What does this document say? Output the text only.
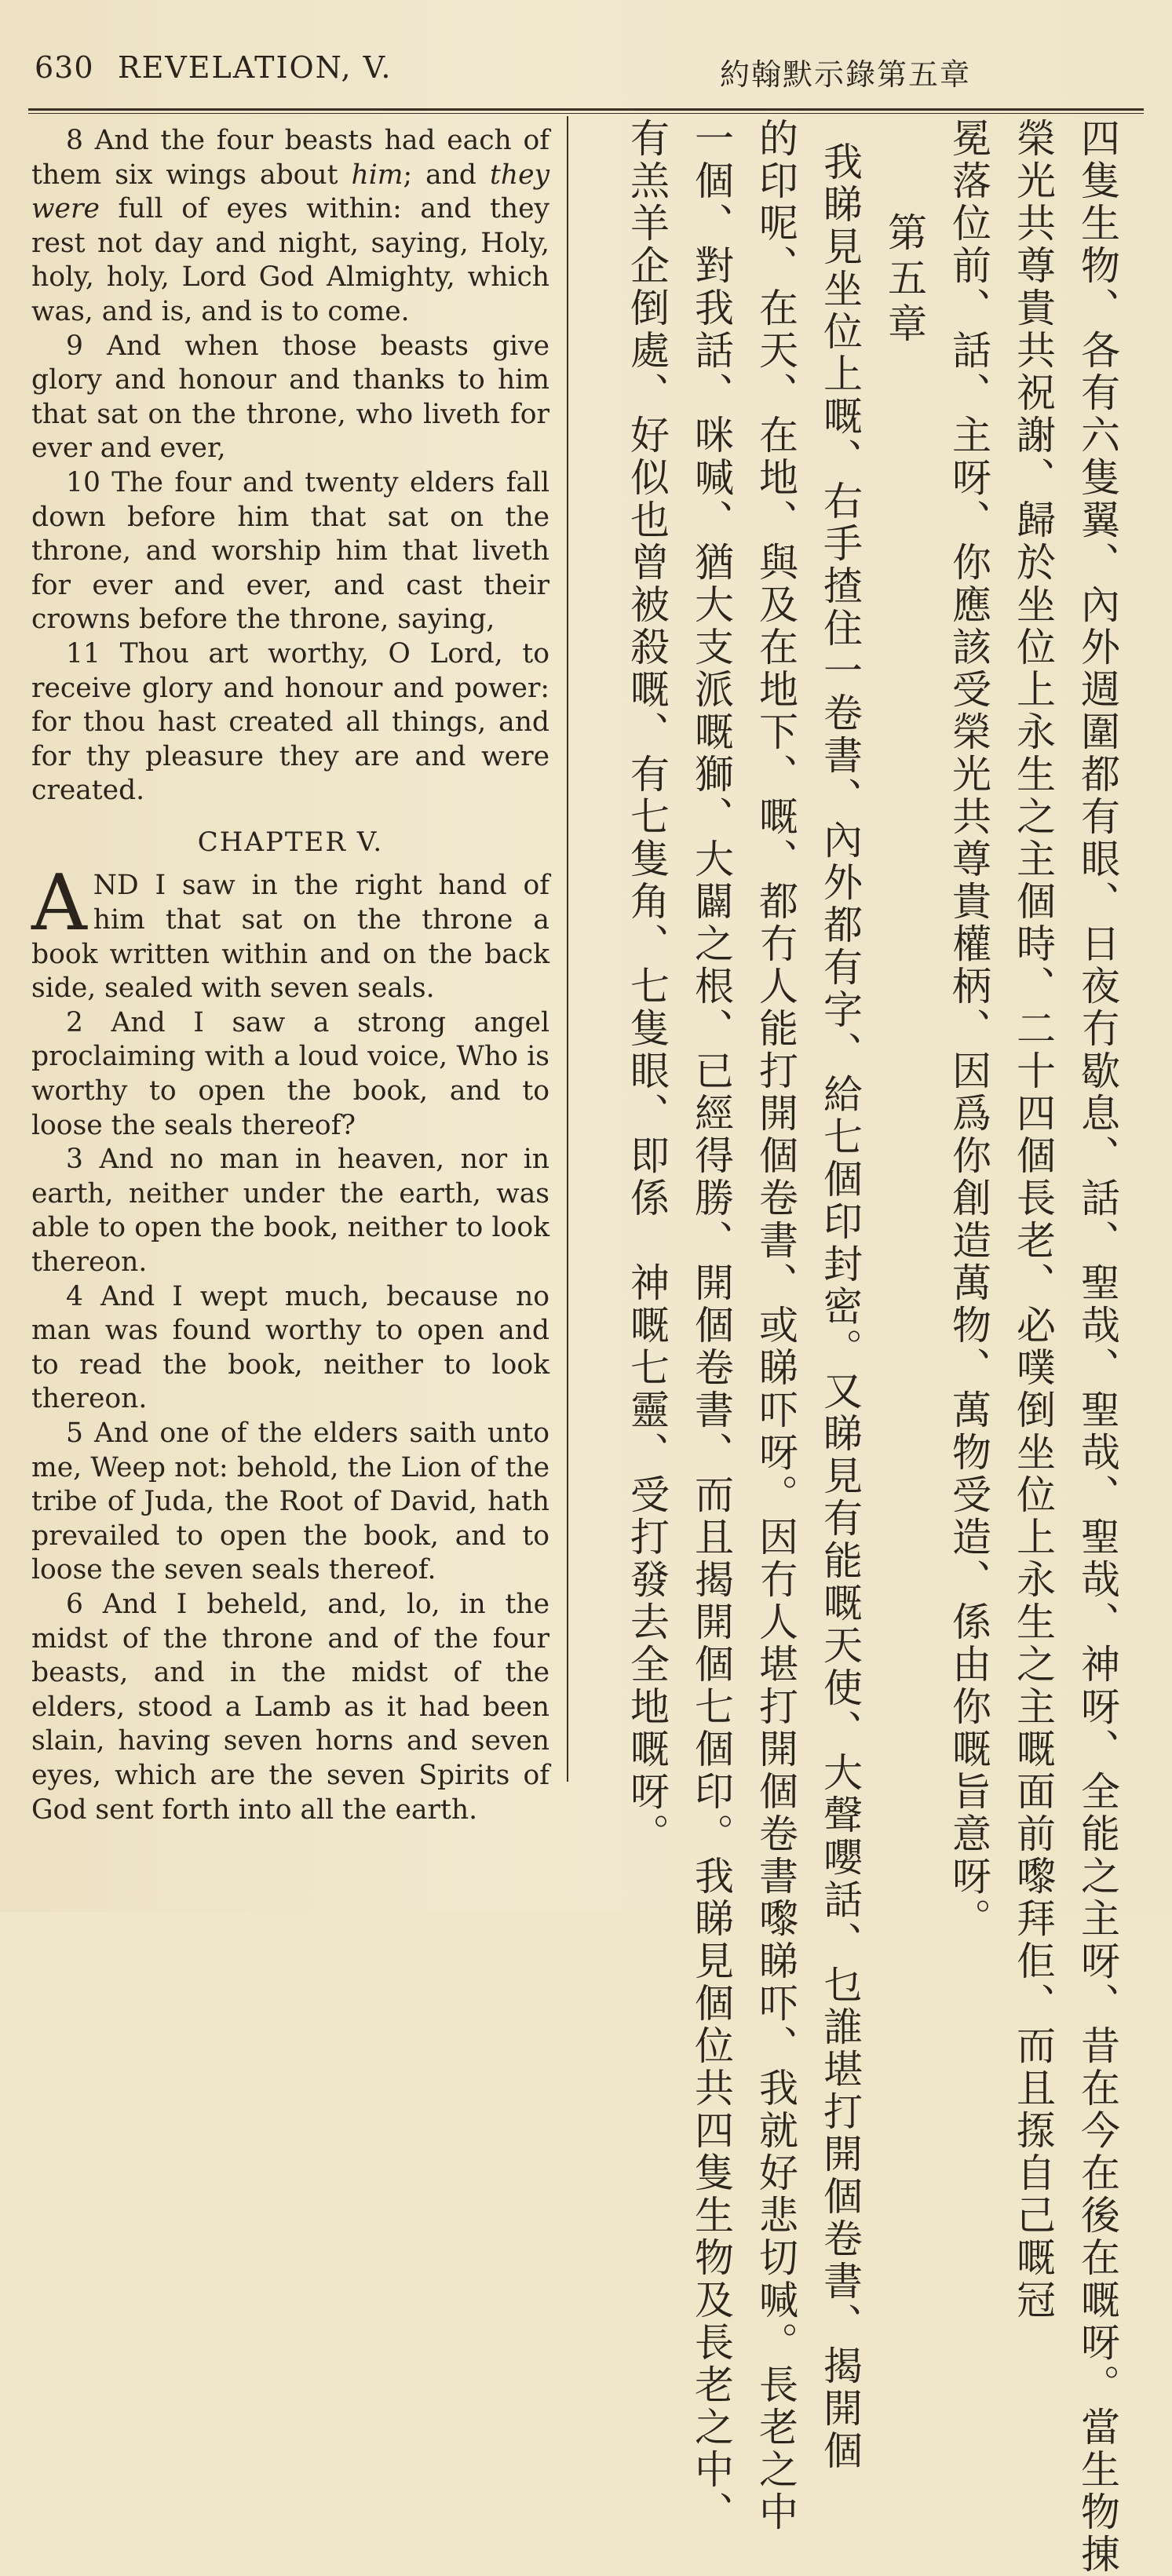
630 REVELATION, V.	約翰默示錄第五章

8 And the four beasts had each of them six wings about him; and they were full of eyes within: and they rest not day and night, saying, Holy, holy, holy, Lord God Almighty, which was, and is, and is to come.

9 And when those beasts give glory and honour and thanks to him that sat on the throne, who liveth for ever and ever,

10 The four and twenty elders fall down before him that sat on the throne, and worship him that liveth for ever and ever, and cast their crowns before the throne, saying,

11 Thou art worthy, O Lord, to receive glory and honour and power: for thou hast created all things, and for thy pleasure they are and were created.

CHAPTER V.

AND I saw in the right hand of him that sat on the throne a book written within and on the back side, sealed with seven seals.

2 And I saw a strong angel proclaiming with a loud voice, Who is worthy to open the book, and to loose the seals thereof?

3 And no man in heaven, nor in earth, neither under the earth, was able to open the book, neither to look thereon.

4 And I wept much, because no man was found worthy to open and to read the book, neither to look thereon.

5 And one of the elders saith unto me, Weep not: behold, the Lion of the tribe of Juda, the Root of David, hath prevailed to open the book, and to loose the seven seals thereof.

6 And I beheld, and, lo, in the midst of the throne and of the four beasts, and in the midst of the elders, stood a Lamb as it had been slain, having seven horns and seven eyes, which are the seven Spirits of God sent forth into all the earth.	四隻生物、各有六隻翼、內外週圍都有眼、日夜冇歇息、話、聖哉、聖哉、聖哉、神呀、全能之主呀、昔在今在後在嘅呀。當生物㨂
榮光共尊貴共祝謝、歸於坐位上永生之主個時、二十四個長老、必噗倒坐位上永生之主嘅面前嚟拜佢、而且揼自己嘅冠
冕落位前、話、主呀、你應該受榮光共尊貴權柄、因爲你創造萬物、萬物受造、係由你嘅旨意呀。
第五章
我睇見坐位上嘅、右手揸住一卷書、內外都有字、給七個印封密。又睇見有能嘅天使、大聲嚶話、乜誰堪打開個卷書、揭開個
的印呢、在天、在地、與及在地下、嘅、都冇人能打開個卷書、或睇吓呀。因冇人堪打開個卷書嚟睇吓、我就好悲切喊。長老之中
一個、對我話、咪喊、猶大支派嘅獅、大闢之根、已經得勝、開個卷書、而且揭開個七個印。我睇見個位共四隻生物及長老之中、
有羔羊企倒處、好似也曾被殺嘅、有七隻角、七隻眼、即係　神嘅七靈、受打發去全地嘅呀。
